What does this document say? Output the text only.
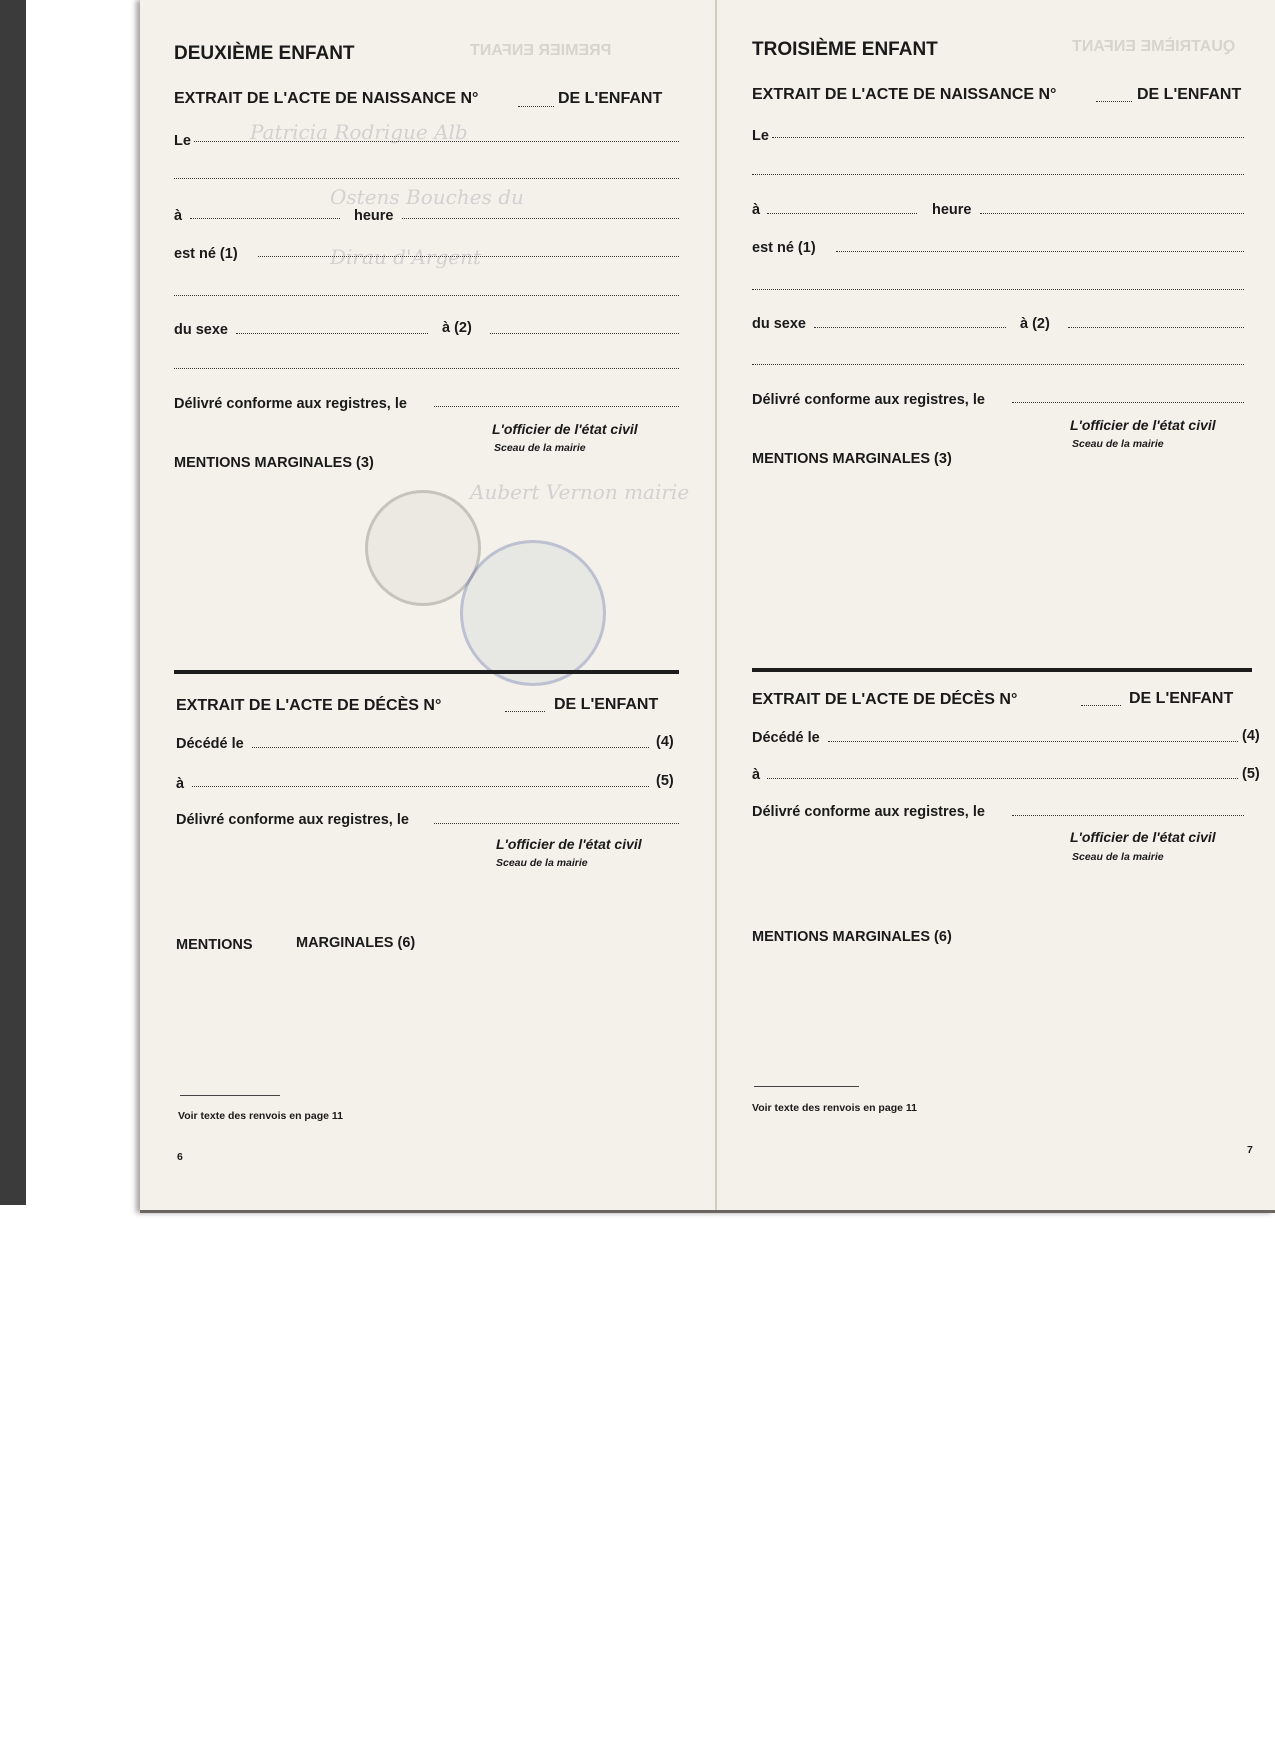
PREMIER ENFANT
Patricia Rodrigue Alb
Ostens Bouches du
Dirau d'Argent
Aubert Vernon mairie
DEUXIÈME ENFANT
EXTRAIT DE L'ACTE DE NAISSANCE N°	DE L'ENFANT
Le
à	heure
est né (1)
du sexe	à (2)
Délivré conforme aux registres, le
L'officier de l'état civil
Sceau de la mairie
MENTIONS MARGINALES (3)
EXTRAIT DE L'ACTE DE DÉCÈS N°	DE L'ENFANT
Décédé le	(4)
à	(5)
Délivré conforme aux registres, le
L'officier de l'état civil
Sceau de la mairie
MENTIONS	MARGINALES (6)
Voir texte des renvois en page 11
6
QUATRIÈME ENFANT
TROISIÈME ENFANT
EXTRAIT DE L'ACTE DE NAISSANCE N°	DE L'ENFANT
Le
à	heure
est né (1)
du sexe	à (2)
Délivré conforme aux registres, le
L'officier de l'état civil
Sceau de la mairie
MENTIONS MARGINALES (3)
EXTRAIT DE L'ACTE DE DÉCÈS N°	DE L'ENFANT
Décédé le	(4)
à	(5)
Délivré conforme aux registres, le
L'officier de l'état civil
Sceau de la mairie
MENTIONS MARGINALES (6)
Voir texte des renvois en page 11
7
